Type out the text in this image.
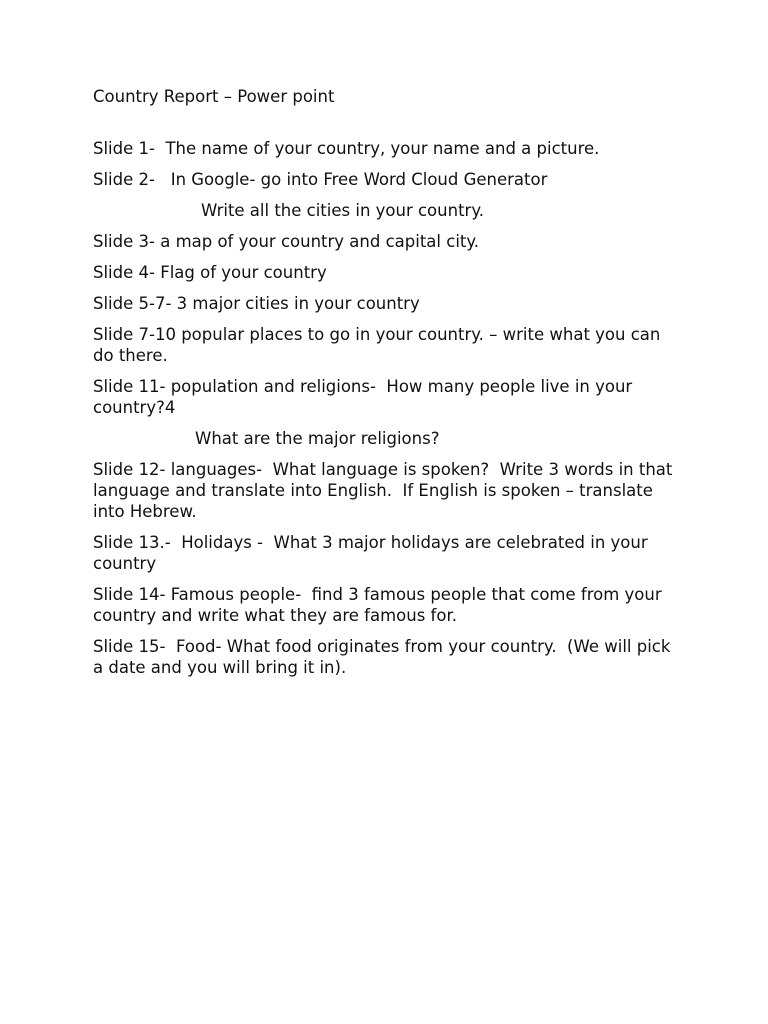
Country Report – Power point

Slide 1-  The name of your country, your name and a picture.

Slide 2-   In Google- go into Free Word Cloud Generator

Write all the cities in your country.

Slide 3- a map of your country and capital city.

Slide 4- Flag of your country

Slide 5-7- 3 major cities in your country

Slide 7-10 popular places to go in your country. – write what you can do there.

Slide 11- population and religions-  How many people live in your country?4

What are the major religions?

Slide 12- languages-  What language is spoken?  Write 3 words in that language and translate into English.  If English is spoken – translate into Hebrew.

Slide 13.-  Holidays -  What 3 major holidays are celebrated in your country

Slide 14- Famous people-  find 3 famous people that come from your country and write what they are famous for.

Slide 15-  Food- What food originates from your country.  (We will pick a date and you will bring it in).
